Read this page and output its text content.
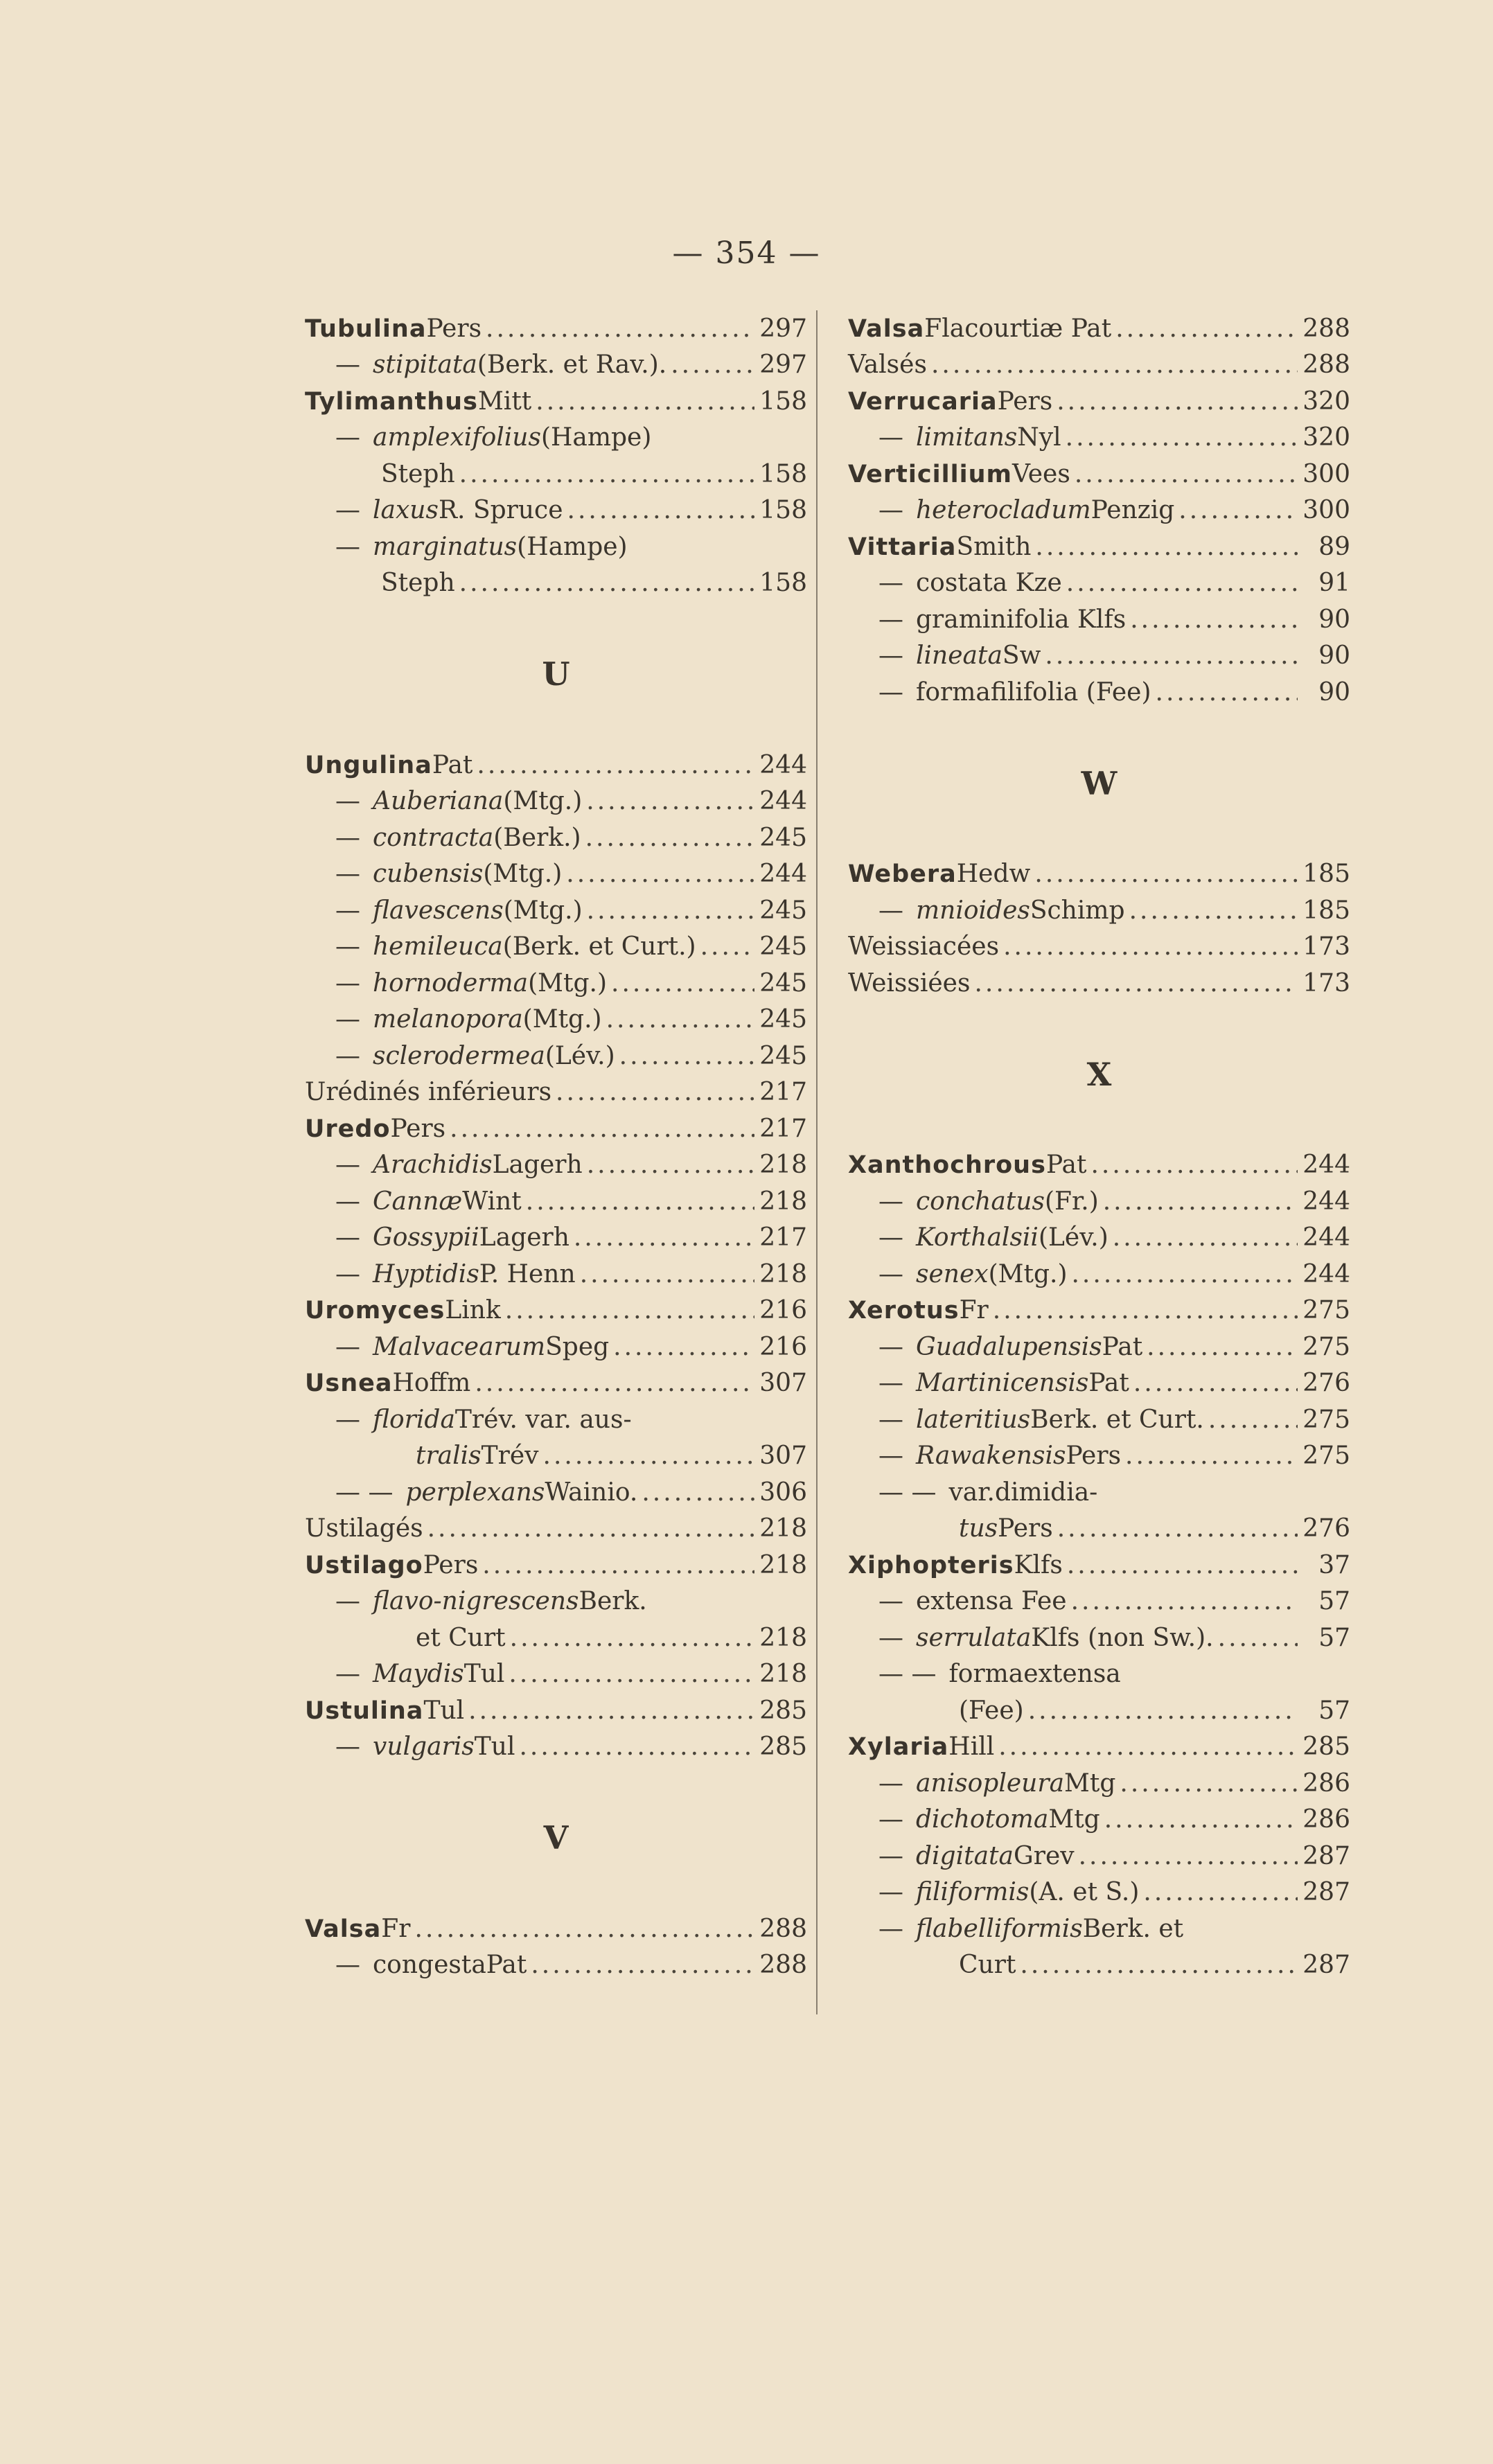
— 354 —
Tubulina Pers .....	297
— stipitata (Berk. et Rav.). .....	297
Tylimanthus Mitt .....	158
— amplexifolius (Hampe)
Steph .....	158
— laxus R. Spruce .....	158
— marginatus (Hampe)
Steph .....	158
U
Ungulina Pat .....	244
— Auberiana (Mtg.) .....	244
— contracta (Berk.) .....	245
— cubensis (Mtg.) .....	244
— flavescens (Mtg.) .....	245
— hemileuca (Berk. et Curt.) .....	245
— hornoderma (Mtg.) .....	245
— melanopora (Mtg.) .....	245
— sclerodermea (Lév.) .....	245
Urédinés inférieurs .....	217
Uredo Pers .....	217
— Arachidis Lagerh .....	218
— Cannæ Wint .....	218
— Gossypii Lagerh .....	217
— Hyptidis P. Henn .....	218
Uromyces Link .....	216
— Malvacearum Speg .....	216
Usnea Hoffm .....	307
— florida Trév. var. aus-
tralis Trév .....	307
— — perplexans Wainio. .....	306
Ustilagés .....	218
Ustilago Pers .....	218
— flavo-nigrescens Berk.
et Curt .....	218
— Maydis Tul .....	218
Ustulina Tul .....	285
— vulgaris Tul .....	285
V
Valsa Fr .....	288
— congesta Pat .....	288
Valsa Flacourtiæ Pat .....	288
Valsés .....	288
Verrucaria Pers .....	320
— limitans Nyl .....	320
Verticillium Vees .....	300
— heterocladum Penzig .....	300
Vittaria Smith .....	89
— costata Kze .....	91
— graminifolia Klfs .....	90
— lineata Sw .....	90
— forma filifolia (Fee) .....	90
W
Webera Hedw .....	185
— mnioides Schimp .....	185
Weissiacées .....	173
Weissiées .....	173
X
Xanthochrous Pat .....	244
— conchatus (Fr.) .....	244
— Korthalsii (Lév.) .....	244
— senex (Mtg.) .....	244
Xerotus Fr .....	275
— Guadalupensis Pat .....	275
— Martinicensis Pat .....	276
— lateritius Berk. et Curt. .....	275
— Rawakensis Pers .....	275
— — var. dimidia-
tus Pers .....	276
Xiphopteris Klfs .....	37
— extensa Fee .....	57
— serrulata Klfs (non Sw.). .....	57
— — forma extensa
(Fee) .....	57
Xylaria Hill .....	285
— anisopleura Mtg .....	286
— dichotoma Mtg .....	286
— digitata Grev .....	287
— filiformis (A. et S.) .....	287
— flabelliformis Berk. et
Curt .....	287
